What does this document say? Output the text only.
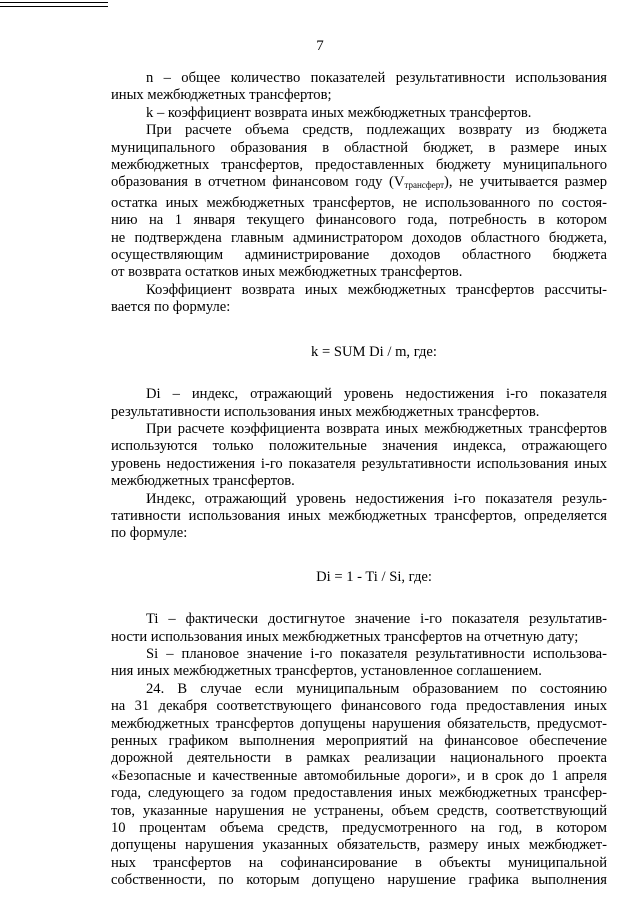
7
n – общее количество показателей результативности использования
иных межбюджетных трансфертов;
k – коэффициент возврата иных межбюджетных трансфертов.
При расчете объема средств, подлежащих возврату из бюджета
муниципального образования в областной бюджет, в размере иных
межбюджетных трансфертов, предоставленных бюджету муниципального
образования в отчетном финансовом году $(V_{трансферт})$, не учитывается размер
остатка иных межбюджетных трансфертов, не использованного по состоя-
нию на 1 января текущего финансового года, потребность в котором
не подтверждена главным администратором доходов областного бюджета,
осуществляющим администрирование доходов областного бюджета
от возврата остатков иных межбюджетных трансфертов.
Коэффициент возврата иных межбюджетных трансфертов рассчиты-
вается по формуле:
k = SUM Di / m, где:
Di – индекс, отражающий уровень недостижения i-го показателя
результативности использования иных межбюджетных трансфертов.
При расчете коэффициента возврата иных межбюджетных трансфертов
используются только положительные значения индекса, отражающего
уровень недостижения i-го показателя результативности использования иных
межбюджетных трансфертов.
Индекс, отражающий уровень недостижения i-го показателя резуль-
тативности использования иных межбюджетных трансфертов, определяется
по формуле:
Di = 1 - Ti / Si, где:
Ti – фактически достигнутое значение i-го показателя результатив-
ности использования иных межбюджетных трансфертов на отчетную дату;
Si – плановое значение i-го показателя результативности использова-
ния иных межбюджетных трансфертов, установленное соглашением.
24. В случае если муниципальным образованием по состоянию
на 31 декабря соответствующего финансового года предоставления иных
межбюджетных трансфертов допущены нарушения обязательств, предусмот-
ренных графиком выполнения мероприятий на финансовое обеспечение
дорожной деятельности в рамках реализации национального проекта
«Безопасные и качественные автомобильные дороги», и в срок до 1 апреля
года, следующего за годом предоставления иных межбюджетных трансфер-
тов, указанные нарушения не устранены, объем средств, соответствующий
10 процентам объема средств, предусмотренного на год, в котором
допущены нарушения указанных обязательств, размеру иных межбюджет-
ных трансфертов на софинансирование в объекты муниципальной
собственности, по которым допущено нарушение графика выполнения
